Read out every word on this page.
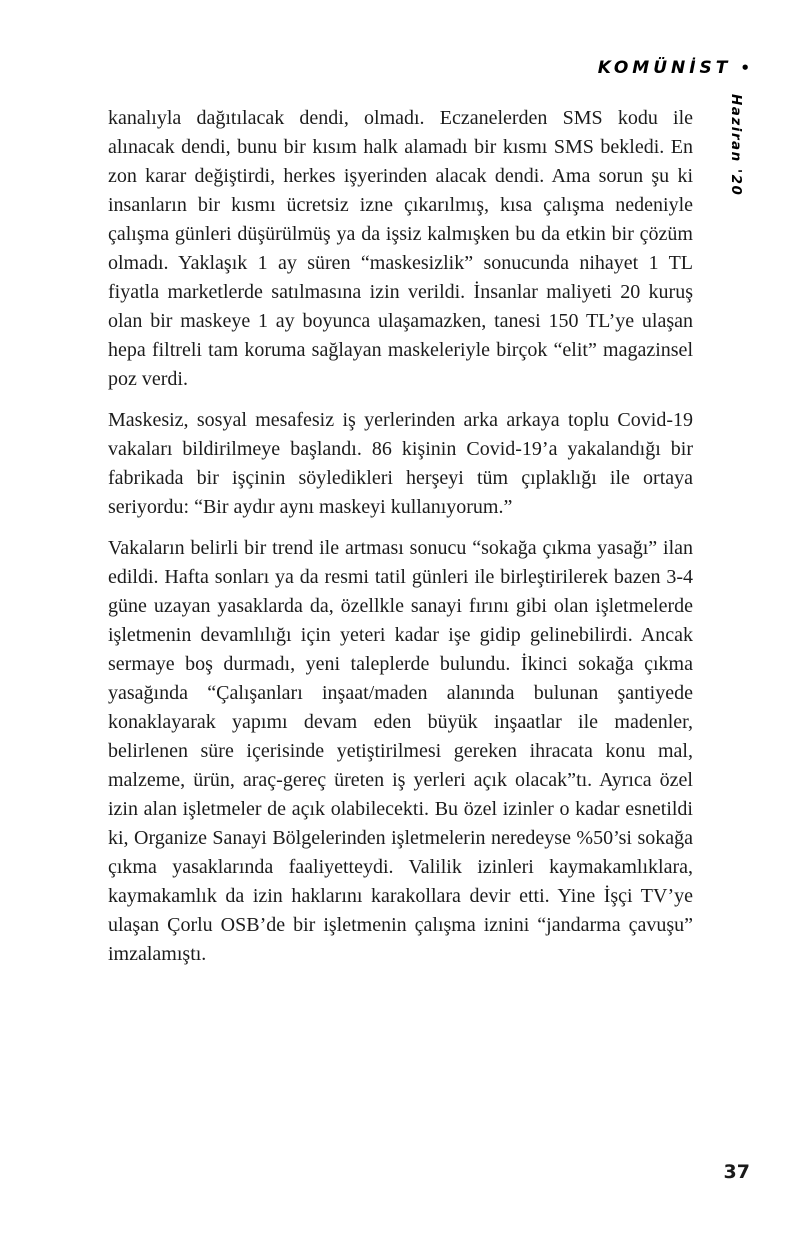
KOMÜNİST •
Haziran '20

kanalıyla dağıtılacak dendi, olmadı. Eczanelerden SMS kodu ile alınacak dendi, bunu bir kısım halk alamadı bir kısmı SMS bekledi. En zon karar değiştirdi, herkes işyerinden alacak dendi. Ama sorun şu ki insanların bir kısmı ücretsiz izne çıkarılmış, kısa çalışma nedeniyle çalışma günleri düşürülmüş ya da işsiz kalmışken bu da etkin bir çözüm olmadı. Yaklaşık 1 ay süren “maskesizlik” sonucunda nihayet 1 TL fiyatla marketlerde satılmasına izin verildi. İnsanlar maliyeti 20 kuruş olan bir maskeye 1 ay boyunca ulaşamazken, tanesi 150 TL’ye ulaşan hepa filtreli tam koruma sağlayan maskeleriyle birçok “elit” magazinsel poz verdi.

Maskesiz, sosyal mesafesiz iş yerlerinden arka arkaya toplu Covid-19 vakaları bildirilmeye başlandı. 86 kişinin Covid-19’a yakalandığı bir fabrikada bir işçinin söyledikleri herşeyi tüm çıplaklığı ile ortaya seriyordu: “Bir aydır aynı maskeyi kullanıyorum.”

Vakaların belirli bir trend ile artması sonucu “sokağa çıkma yasağı” ilan edildi. Hafta sonları ya da resmi tatil günleri ile birleştirilerek bazen 3-4 güne uzayan yasaklarda da, özellkle sanayi fırını gibi olan işletmelerde işletmenin devamlılığı için yeteri kadar işe gidip gelinebilirdi. Ancak sermaye boş durmadı, yeni taleplerde bulundu. İkinci sokağa çıkma yasağında “Çalışanları inşaat/maden alanında bulunan şantiyede konaklayarak yapımı devam eden büyük inşaatlar ile madenler, belirlenen süre içerisinde yetiştirilmesi gereken ihracata konu mal, malzeme, ürün, araç-gereç üreten iş yerleri açık olacak”tı. Ayrıca özel izin alan işletmeler de açık olabilecekti. Bu özel izinler o kadar esnetildi ki, Organize Sanayi Bölgelerinden işletmelerin neredeyse %50’si sokağa çıkma yasaklarında faaliyetteydi. Valilik izinleri kaymakamlıklara, kaymakamlık da izin haklarını karakollara devir etti. Yine İşçi TV’ye ulaşan Çorlu OSB’de bir işletmenin çalışma iznini “jandarma çavuşu” imzalamıştı.

37
